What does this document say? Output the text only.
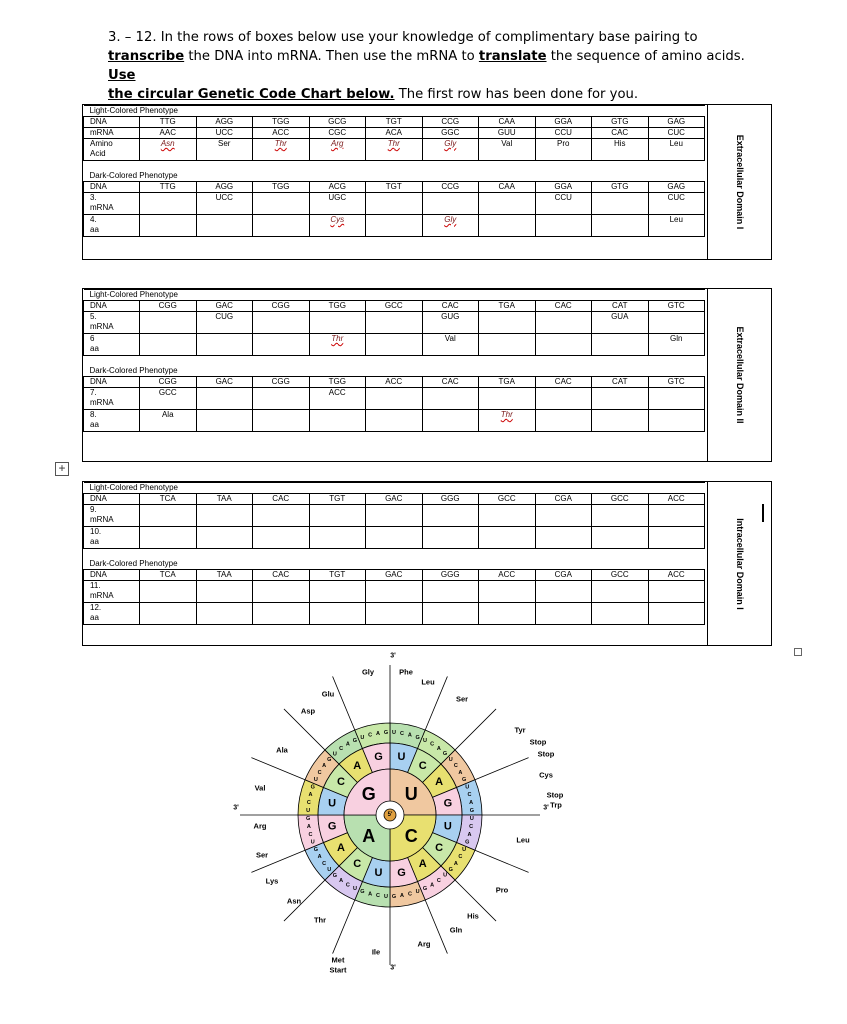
3. – 12. In the rows of boxes below use your knowledge of complimentary base pairing to
transcribe the DNA into mRNA. Then use the mRNA to translate the sequence of amino acids. Use
the circular Genetic Code Chart below. The first row has been done for you.
Extracellular Domain I
Light-Colored Phenotype										

DNA	TTG	AGG	TGG	GCG	TGT	CCG	CAA	GGA	GTG	GAG

mRNA	AAC	UCC	ACC	CGC	ACA	GGC	GUU	CCU	CAC	CUC

Amino
Acid	Asn	Ser	Thr	Arg	Thr	Gly	Val	Pro	His	Leu
Dark-Colored Phenotype										

DNA	TTG	AGG	TGG	ACG	TGT	CCG	CAA	GGA	GTG	GAG

3.
mRNA		UCC		UGC				CCU		CUC

4.
aa				Cys		Gly				Leu
Extracellular Domain II
Light-Colored Phenotype										

DNA	CGG	GAC	CGG	TGG	GCC	CAC	TGA	CAC	CAT	GTC

5.
mRNA		CUG				GUG			GUA	

6
aa				Thr		Val				Gln
Dark-Colored Phenotype										

DNA	CGG	GAC	CGG	TGG	ACC	CAC	TGA	CAC	CAT	GTC

7.
mRNA	GCC			ACC						

8.
aa	Ala						Thr			
Intracellular Domain I
Light-Colored Phenotype										

DNA	TCA	TAA	CAC	TGT	GAC	GGG	GCC	CGA	GCC	ACC

9.
mRNA										

10.
aa										

Dark-Colored Phenotype										

DNA	TCA	TAA	CAC	TGT	GAC	GGG	ACC	CGA	GCC	ACC

11.
mRNA										

12.
aa										

+
5'
G U
A C
U
C
A
G
U
C
A
G
U
C
A
G
U
C
A
G
U C A G
U
C
A
G
U
C
A
G
U
C
A
G
U
C
A
G
U
C
A
G
U
C
A
G
U
C
A
G
U
C
A
G
U
C
A
G
U
C
A
G
U
C
A
G
U
C
A
G
U
C
A
G
U
C
A
G
U C A G
Gly
Glu
Asp
Ala
Val
Phe
Leu
Ser
Tyr
Stop
Stop
Cys
Stop
Trp
Arg
Ser
Lys
Asn
Thr
Met
Start
Ile
Leu
Pro
His
Gln
Arg
3'
3'
3'	3'
